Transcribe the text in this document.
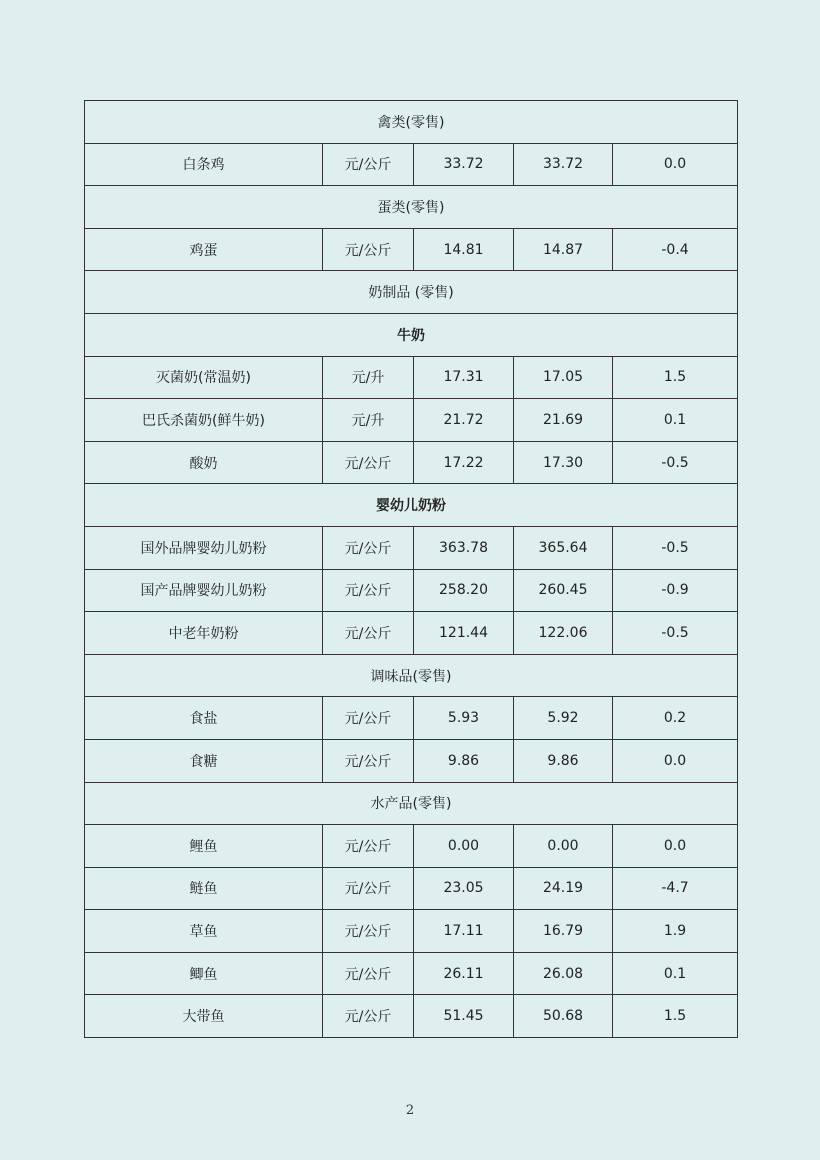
禽类(零售)				
白条鸡	元/公斤	33.72	33.72	0.0
蛋类(零售)				
鸡蛋	元/公斤	14.81	14.87	-0.4
奶制品 (零售)				
牛奶				
灭菌奶(常温奶)	元/升	17.31	17.05	1.5
巴氏杀菌奶(鲜牛奶)	元/升	21.72	21.69	0.1
酸奶	元/公斤	17.22	17.30	-0.5
婴幼儿奶粉				
国外品牌婴幼儿奶粉	元/公斤	363.78	365.64	-0.5
国产品牌婴幼儿奶粉	元/公斤	258.20	260.45	-0.9
中老年奶粉	元/公斤	121.44	122.06	-0.5
调味品(零售)				
食盐	元/公斤	5.93	5.92	0.2
食糖	元/公斤	9.86	9.86	0.0
水产品(零售)				
鲤鱼	元/公斤	0.00	0.00	0.0
鲢鱼	元/公斤	23.05	24.19	-4.7
草鱼	元/公斤	17.11	16.79	1.9
鲫鱼	元/公斤	26.11	26.08	0.1
大带鱼	元/公斤	51.45	50.68	1.5
2
